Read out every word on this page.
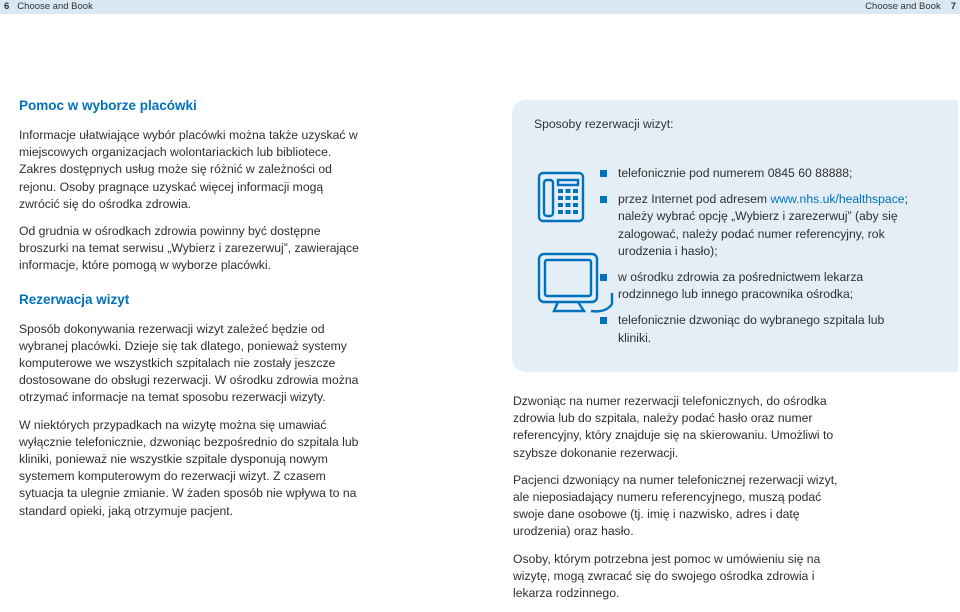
6 Choose and Book	Choose and Book 7
Pomoc w wyborze placówki

Informacje ułatwiające wybór placówki można także uzyskać w miejscowych organizacjach wolontariackich lub bibliotece. Zakres dostępnych usług może się różnić w zależności od rejonu. Osoby pragnące uzyskać więcej informacji mogą zwrócić się do ośrodka zdrowia.

Od grudnia w ośrodkach zdrowia powinny być dostępne broszurki na temat serwisu „Wybierz i zarezerwuj”, zawierające informacje, które pomogą w wyborze placówki.

Rezerwacja wizyt

Sposób dokonywania rezerwacji wizyt zależeć będzie od wybranej placówki. Dzieje się tak dlatego, ponieważ systemy komputerowe we wszystkich szpitalach nie zostały jeszcze dostosowane do obsługi rezerwacji. W ośrodku zdrowia można otrzymać informacje na temat sposobu rezerwacji wizyty.

W niektórych przypadkach na wizytę można się umawiać wyłącznie telefonicznie, dzwoniąc bezpośrednio do szpitala lub kliniki, ponieważ nie wszystkie szpitale dysponują nowym systemem komputerowym do rezerwacji wizyt. Z czasem sytuacja ta ulegnie zmianie. W żaden sposób nie wpływa to na standard opieki, jaką otrzymuje pacjent.

Sposoby rezerwacji wizyt:
telefonicznie pod numerem 0845 60 88888;
przez Internet pod adresem www.nhs.uk/healthspace; należy wybrać opcję „Wybierz i zarezerwuj” (aby się zalogować, należy podać numer referencyjny, rok urodzenia i hasło);
w ośrodku zdrowia za pośrednictwem lekarza rodzinnego lub innego pracownika ośrodka;
telefonicznie dzwoniąc do wybranego szpitala lub kliniki.

Dzwoniąc na numer rezerwacji telefonicznych, do ośrodka zdrowia lub do szpitala, należy podać hasło oraz numer referencyjny, który znajduje się na skierowaniu. Umożliwi to szybsze dokonanie rezerwacji.

Pacjenci dzwoniący na numer telefonicznej rezerwacji wizyt, ale nieposiadający numeru referencyjnego, muszą podać swoje dane osobowe (tj. imię i nazwisko, adres i datę urodzenia) oraz hasło.

Osoby, którym potrzebna jest pomoc w umówieniu się na wizytę, mogą zwracać się do swojego ośrodka zdrowia i lekarza rodzinnego.
